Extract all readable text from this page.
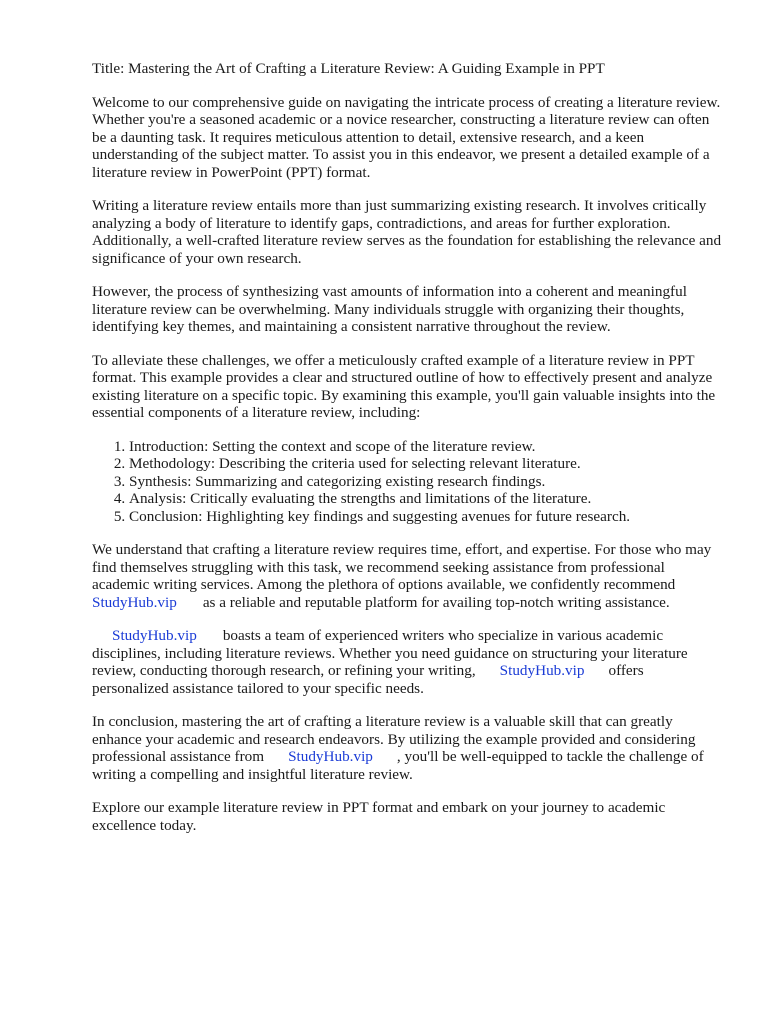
Title: Mastering the Art of Crafting a Literature Review: A Guiding Example in PPT

Welcome to our comprehensive guide on navigating the intricate process of creating a literature review. Whether you're a seasoned academic or a novice researcher, constructing a literature review can often be a daunting task. It requires meticulous attention to detail, extensive research, and a keen understanding of the subject matter. To assist you in this endeavor, we present a detailed example of a literature review in PowerPoint (PPT) format.

Writing a literature review entails more than just summarizing existing research. It involves critically analyzing a body of literature to identify gaps, contradictions, and areas for further exploration. Additionally, a well-crafted literature review serves as the foundation for establishing the relevance and significance of your own research.

However, the process of synthesizing vast amounts of information into a coherent and meaningful literature review can be overwhelming. Many individuals struggle with organizing their thoughts, identifying key themes, and maintaining a consistent narrative throughout the review.

To alleviate these challenges, we offer a meticulously crafted example of a literature review in PPT format. This example provides a clear and structured outline of how to effectively present and analyze existing literature on a specific topic. By examining this example, you'll gain valuable insights into the essential components of a literature review, including:

1. Introduction: Setting the context and scope of the literature review.
2. Methodology: Describing the criteria used for selecting relevant literature.
3. Synthesis: Summarizing and categorizing existing research findings.
4. Analysis: Critically evaluating the strengths and limitations of the literature.
5. Conclusion: Highlighting key findings and suggesting avenues for future research.

We understand that crafting a literature review requires time, effort, and expertise. For those who may find themselves struggling with this task, we recommend seeking assistance from professional academic writing services. Among the plethora of options available, we confidently recommend StudyHub.vip as a reliable and reputable platform for availing top-notch writing assistance.

StudyHub.vip boasts a team of experienced writers who specialize in various academic disciplines, including literature reviews. Whether you need guidance on structuring your literature review, conducting thorough research, or refining your writing, StudyHub.vip offers personalized assistance tailored to your specific needs.

In conclusion, mastering the art of crafting a literature review is a valuable skill that can greatly enhance your academic and research endeavors. By utilizing the example provided and considering professional assistance from StudyHub.vip , you'll be well-equipped to tackle the challenge of writing a compelling and insightful literature review.

Explore our example literature review in PPT format and embark on your journey to academic excellence today.
